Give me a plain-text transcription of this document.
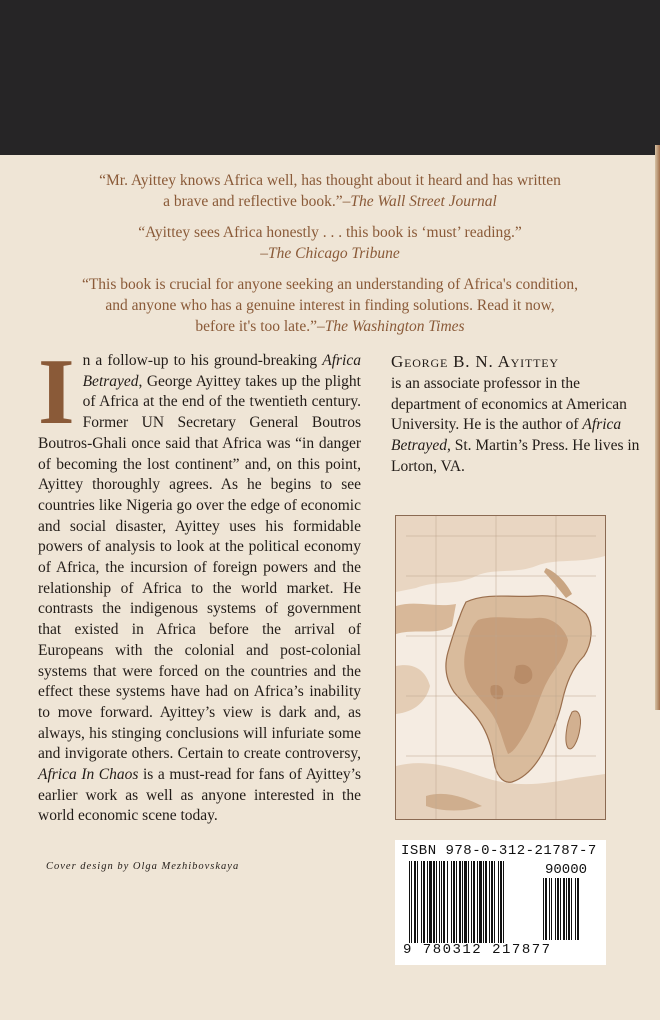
“Mr. Ayittey knows Africa well, has thought about it heard and has written
a brave and reflective book.”–The Wall Street Journal
“Ayittey sees Africa honestly . . . this book is ‘must’ reading.”
–The Chicago Tribune
“This book is crucial for anyone seeking an understanding of Africa's condition,
and anyone who has a genuine interest in finding solutions. Read it now,
before it's too late.”–The Washington Times

In a follow-up to his ground-breaking Africa Betrayed, George Ayittey takes up the plight of Africa at the end of the twentieth century. Former UN Secretary General Boutros Boutros-Ghali once said that Africa was “in danger of becoming the lost continent” and, on this point, Ayittey thoroughly agrees. As he begins to see countries like Nigeria go over the edge of economic and social disaster, Ayittey uses his formidable powers of analysis to look at the political economy of Africa, the incursion of foreign powers and the relationship of Africa to the world market. He contrasts the indigenous systems of government that existed in Africa before the arrival of Europeans with the colonial and post-colonial systems that were forced on the countries and the effect these systems have had on Africa’s inability to move forward. Ayittey’s view is dark and, as always, his stinging conclusions will infuriate some and invigorate others. Certain to create controversy, Africa In Chaos is a must-read for fans of Ayittey’s earlier work as well as anyone interested in the world economic scene today.

George B. N. Ayittey
is an associate professor in the department of economics at American University. He is the author of Africa Betrayed, St. Martin’s Press. He lives in Lorton, VA.
Cover design by Olga Mezhibovskaya
ISBN 978-0-312-21787-7
90000
9 780312 217877
